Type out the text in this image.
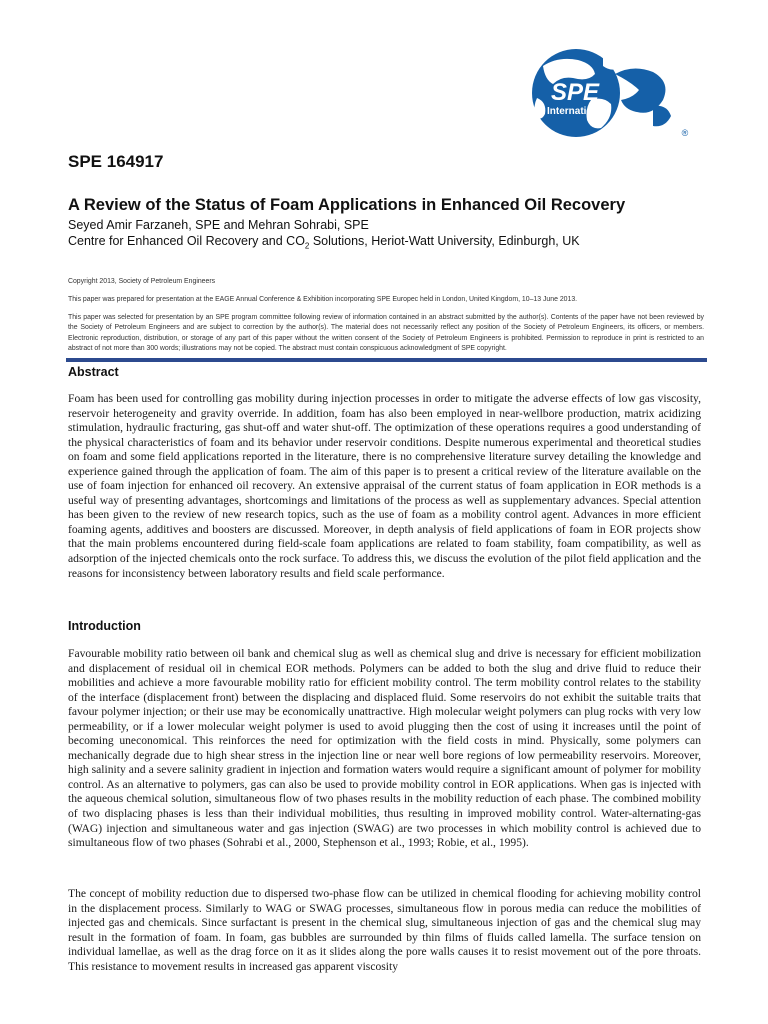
SPE
International
®
SPE 164917
A Review of the Status of Foam Applications in Enhanced Oil Recovery
Seyed Amir Farzaneh, SPE and Mehran Sohrabi, SPE
Centre for Enhanced Oil Recovery and $CO_2$ Solutions, Heriot-Watt University, Edinburgh, UK
Copyright 2013, Society of Petroleum Engineers
This paper was prepared for presentation at the EAGE Annual Conference & Exhibition incorporating SPE Europec held in London, United Kingdom, 10–13 June 2013.
This paper was selected for presentation by an SPE program committee following review of information contained in an abstract submitted by the author(s). Contents of the paper have not been reviewed by the Society of Petroleum Engineers and are subject to correction by the author(s). The material does not necessarily reflect any position of the Society of Petroleum Engineers, its officers, or members. Electronic reproduction, distribution, or storage of any part of this paper without the written consent of the Society of Petroleum Engineers is prohibited. Permission to reproduce in print is restricted to an abstract of not more than 300 words; illustrations may not be copied. The abstract must contain conspicuous acknowledgment of SPE copyright.
Abstract

Foam has been used for controlling gas mobility during injection processes in order to mitigate the adverse effects of low gas viscosity, reservoir heterogeneity and gravity override. In addition, foam has also been employed in near-wellbore production, matrix acidizing stimulation, hydraulic fracturing, gas shut-off and water shut-off. The optimization of these operations requires a good understanding of the physical characteristics of foam and its behavior under reservoir conditions. Despite numerous experimental and theoretical studies on foam and some field applications reported in the literature, there is no comprehensive literature survey detailing the knowledge and experience gained through the application of foam. The aim of this paper is to present a critical review of the literature available on the use of foam injection for enhanced oil recovery. An extensive appraisal of the current status of foam application in EOR methods is a useful way of presenting advantages, shortcomings and limitations of the process as well as supplementary advances. Special attention has been given to the review of new research topics, such as the use of foam as a mobility control agent. Advances in more efficient foaming agents, additives and boosters are discussed. Moreover, in depth analysis of field applications of foam in EOR projects show that the main problems encountered during field-scale foam applications are related to foam stability, foam compatibility, as well as adsorption of the injected chemicals onto the rock surface. To address this, we discuss the evolution of the pilot field application and the reasons for inconsistency between laboratory results and field scale performance.

Introduction

Favourable mobility ratio between oil bank and chemical slug as well as chemical slug and drive is necessary for efficient mobilization and displacement of residual oil in chemical EOR methods. Polymers can be added to both the slug and drive fluid to reduce their mobilities and achieve a more favourable mobility ratio for efficient mobility control. The term mobility control relates to the stability of the interface (displacement front) between the displacing and displaced fluid. Some reservoirs do not exhibit the suitable traits that favour polymer injection; or their use may be economically unattractive. High molecular weight polymers can plug rocks with very low permeability, or if a lower molecular weight polymer is used to avoid plugging then the cost of using it increases until the point of becoming uneconomical. This reinforces the need for optimization with the field costs in mind. Physically, some polymers can mechanically degrade due to high shear stress in the injection line or near well bore regions of low permeability reservoirs. Moreover, high salinity and a severe salinity gradient in injection and formation waters would require a significant amount of polymer for mobility control. As an alternative to polymers, gas can also be used to provide mobility control in EOR applications. When gas is injected with the aqueous chemical solution, simultaneous flow of two phases results in the mobility reduction of each phase. The combined mobility of two displacing phases is less than their individual mobilities, thus resulting in improved mobility control. Water-alternating-gas (WAG) injection and simultaneous water and gas injection (SWAG) are two processes in which mobility control is achieved due to simultaneous flow of two phases (Sohrabi et al., 2000, Stephenson et al., 1993; Robie, et al., 1995).

The concept of mobility reduction due to dispersed two-phase flow can be utilized in chemical flooding for achieving mobility control in the displacement process. Similarly to WAG or SWAG processes, simultaneous flow in porous media can reduce the mobilities of injected gas and chemicals. Since surfactant is present in the chemical slug, simultaneous injection of gas and the chemical slug may result in the formation of foam. In foam, gas bubbles are surrounded by thin films of fluids called lamella. The surface tension on individual lamellae, as well as the drag force on it as it slides along the pore walls causes it to resist movement out of the pore throats. This resistance to movement results in increased gas apparent viscosity
